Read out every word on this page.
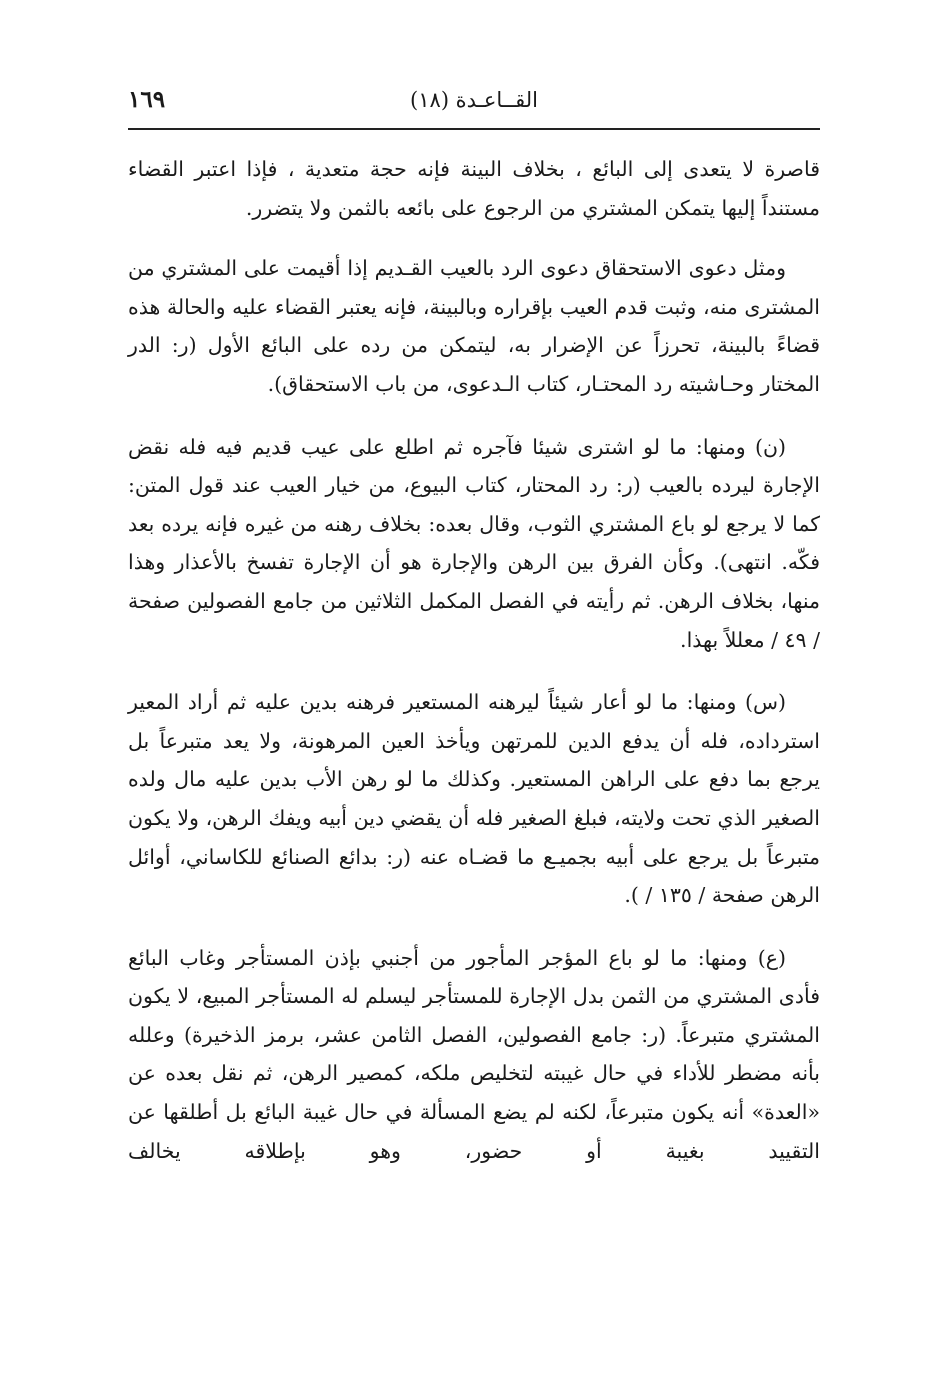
القــاعـدة (١٨)
١٦٩

قاصرة لا يتعدى إلى البائع ، بخلاف البينة فإنه حجة متعدية ، فإذا اعتبر القضاء مستنداً إليها يتمكن المشتري من الرجوع على بائعه بالثمن ولا يتضرر.

ومثل دعوى الاستحقاق دعوى الرد بالعيب القـديم إذا أقيمت على المشتري من المشترى منه، وثبت قدم العيب بإقراره وبالبينة، فإنه يعتبر القضاء عليه والحالة هذه قضاءً بالبينة، تحرزاً عن الإضرار به، ليتمكن من رده على البائع الأول (ر: الدر المختار وحـاشيته رد المحتـار، كتاب الـدعوى، من باب الاستحقاق).

(ن) ومنها: ما لو اشترى شيئا فآجره ثم اطلع على عيب قديم فيه فله نقض الإجارة ليرده بالعيب (ر: رد المحتار، كتاب البيوع، من خيار العيب عند قول المتن: كما لا يرجع لو باع المشتري الثوب، وقال بعده: بخلاف رهنه من غيره فإنه يرده بعد فكّه. انتهى). وكأن الفرق بين الرهن والإجارة هو أن الإجارة تفسخ بالأعذار وهذا منها، بخلاف الرهن. ثم رأيته في الفصل المكمل الثلاثين من جامع الفصولين صفحة / ٤٩ / معللاً بهذا.

(س) ومنها: ما لو أعار شيئاً ليرهنه المستعير فرهنه بدين عليه ثم أراد المعير استرداده، فله أن يدفع الدين للمرتهن ويأخذ العين المرهونة، ولا يعد متبرعاً بل يرجع بما دفع على الراهن المستعير. وكذلك ما لو رهن الأب بدين عليه مال ولده الصغير الذي تحت ولايته، فبلغ الصغير فله أن يقضي دين أبيه ويفك الرهن، ولا يكون متبرعاً بل يرجع على أبيه بجميـع ما قضـاه عنه (ر: بدائع الصنائع للكاساني، أوائل الرهن صفحة / ١٣٥ / ).

(ع) ومنها: ما لو باع المؤجر المأجور من أجنبي بإذن المستأجر وغاب البائع فأدى المشتري من الثمن بدل الإجارة للمستأجر ليسلم له المستأجر المبيع، لا يكون المشتري متبرعاً. (ر: جامع الفصولين، الفصل الثامن عشر، برمز الذخيرة) وعلله بأنه مضطر للأداء في حال غيبته لتخليص ملكه، كمصير الرهن، ثم نقل بعده عن «العدة» أنه يكون متبرعاً، لكنه لم يضع المسألة في حال غيبة البائع بل أطلقها عن التقييد بغيبة أو حضور، وهو بإطلاقه يخالف
